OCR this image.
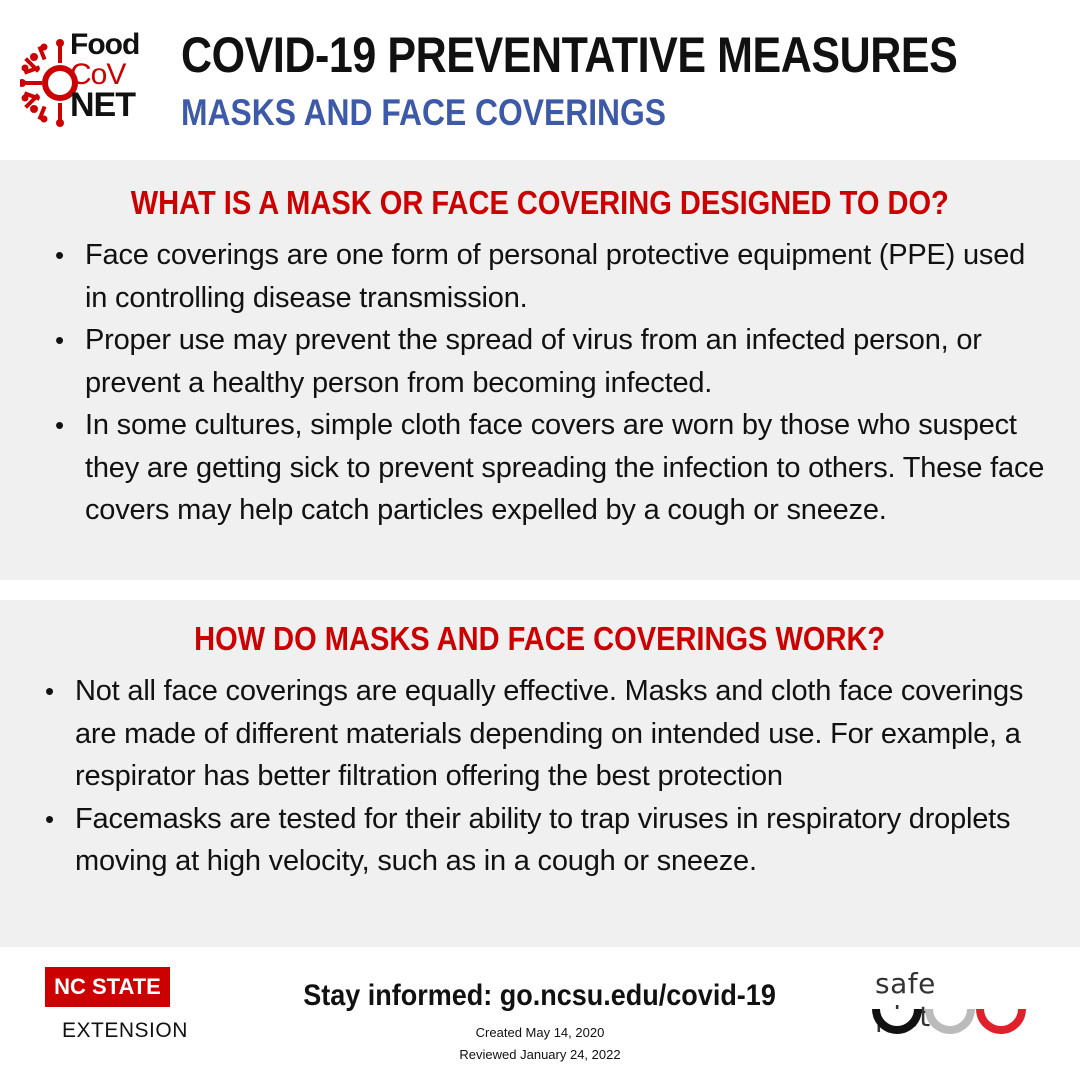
Food
CoV
NET
COVID-19 PREVENTATIVE MEASURES
MASKS AND FACE COVERINGS
WHAT IS A MASK OR FACE COVERING DESIGNED TO DO?
• Face coverings are one form of personal protective equipment (PPE) used in controlling disease transmission.
• Proper use may prevent the spread of virus from an infected person, or prevent a healthy person from becoming infected.
• In some cultures, simple cloth face covers are worn by those who suspect they are getting sick to prevent spreading the infection to others. These face covers may help catch particles expelled by a cough or sneeze.
HOW DO MASKS AND FACE COVERINGS WORK?
• Not all face coverings are equally effective. Masks and cloth face coverings are made of different materials depending on intended use. For example, a respirator has better filtration offering the best protection
• Facemasks are tested for their ability to trap viruses in respiratory droplets moving at high velocity, such as in a cough or sneeze.
NC STATE
EXTENSION
Stay informed: go.ncsu.edu/covid-19
Created May 14, 2020
Reviewed January 24, 2022
safe
